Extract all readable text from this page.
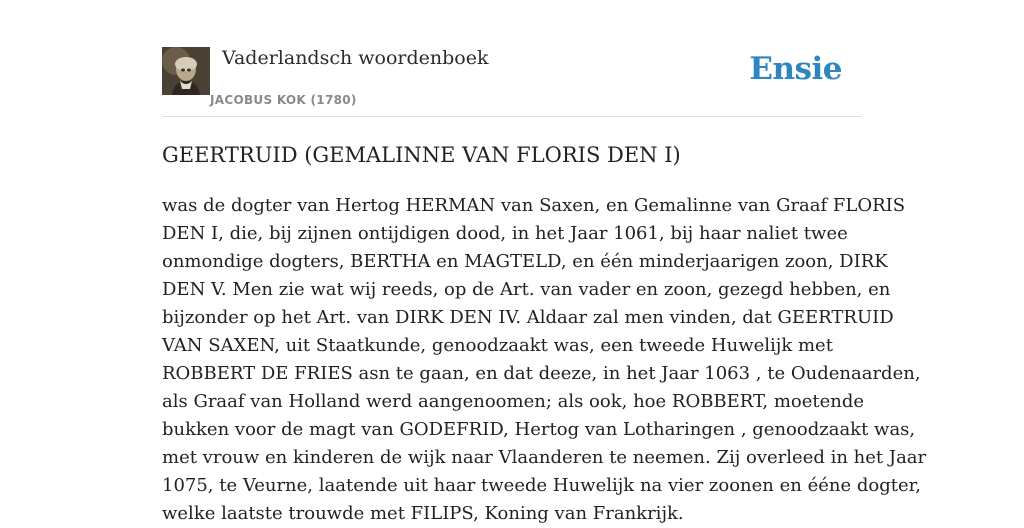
Vaderlandsch woordenboek
JACOBUS KOK (1780)
Ensie
GEERTRUID (GEMALINNE VAN FLORIS DEN I)
was de dogter van Hertog HERMAN van Saxen, en Gemalinne van Graaf FLORIS
DEN I, die, bij zijnen ontijdigen dood, in het Jaar 1061, bij haar naliet twee
onmondige dogters, BERTHA en MAGTELD, en één minderjaarigen zoon, DIRK
DEN V. Men zie wat wij reeds, op de Art. van vader en zoon, gezegd hebben, en
bijzonder op het Art. van DIRK DEN IV. Aldaar zal men vinden, dat GEERTRUID
VAN SAXEN, uit Staatkunde, genoodzaakt was, een tweede Huwelijk met
ROBBERT DE FRIES asn te gaan, en dat deeze, in het Jaar 1063 , te Oudenaarden,
als Graaf van Holland werd aangenoomen; als ook, hoe ROBBERT, moetende
bukken voor de magt van GODEFRID, Hertog van Lotharingen , genoodzaakt was,
met vrouw en kinderen de wijk naar Vlaanderen te neemen. Zij overleed in het Jaar
1075, te Veurne, laatende uit haar tweede Huwelijk na vier zoonen en éénе dogter,
welke laatste trouwde met FILIPS, Koning van Frankrijk.
